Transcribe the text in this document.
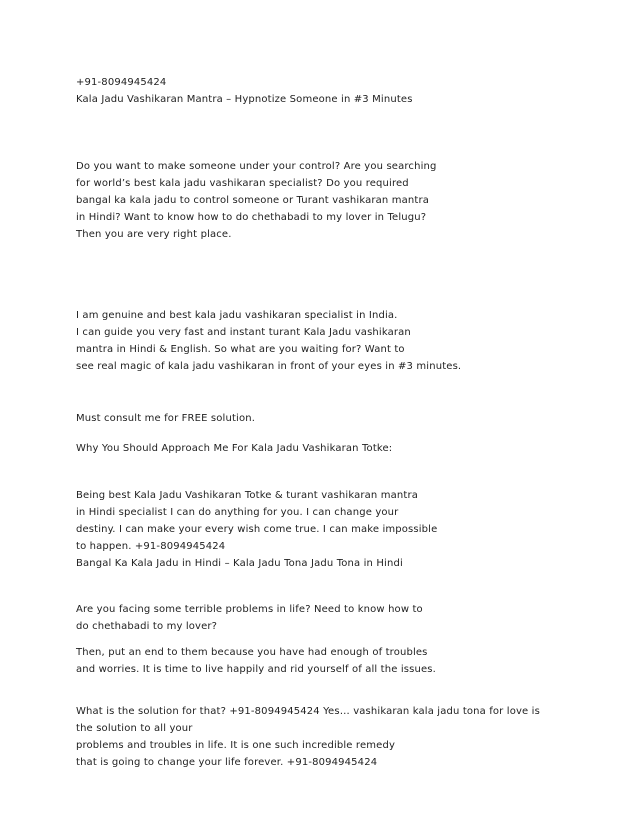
+91-8094945424

Kala Jadu Vashikaran Mantra – Hypnotize Someone in #3 Minutes

Do you want to make someone under your control? Are you searching

for world’s best kala jadu vashikaran specialist? Do you required

bangal ka kala jadu to control someone or Turant vashikaran mantra

in Hindi? Want to know how to do chethabadi to my lover in Telugu?

Then you are very right place.

I am genuine and best kala jadu vashikaran specialist in India.

I can guide you very fast and instant turant Kala Jadu vashikaran

mantra in Hindi & English. So what are you waiting for? Want to

see real magic of kala jadu vashikaran in front of your eyes in #3 minutes.

Must consult me for FREE solution.

Why You Should Approach Me For Kala Jadu Vashikaran Totke:

Being best Kala Jadu Vashikaran Totke & turant vashikaran mantra

in Hindi specialist I can do anything for you. I can change your

destiny. I can make your every wish come true. I can make impossible

to happen. +91-8094945424

Bangal Ka Kala Jadu in Hindi – Kala Jadu Tona Jadu Tona in Hindi

Are you facing some terrible problems in life? Need to know how to

do chethabadi to my lover?

Then, put an end to them because you have had enough of troubles

and worries. It is time to live happily and rid yourself of all the issues.

What is the solution for that? +91-8094945424 Yes… vashikaran kala jadu tona for love is

the solution to all your

problems and troubles in life. It is one such incredible remedy

that is going to change your life forever. +91-8094945424
